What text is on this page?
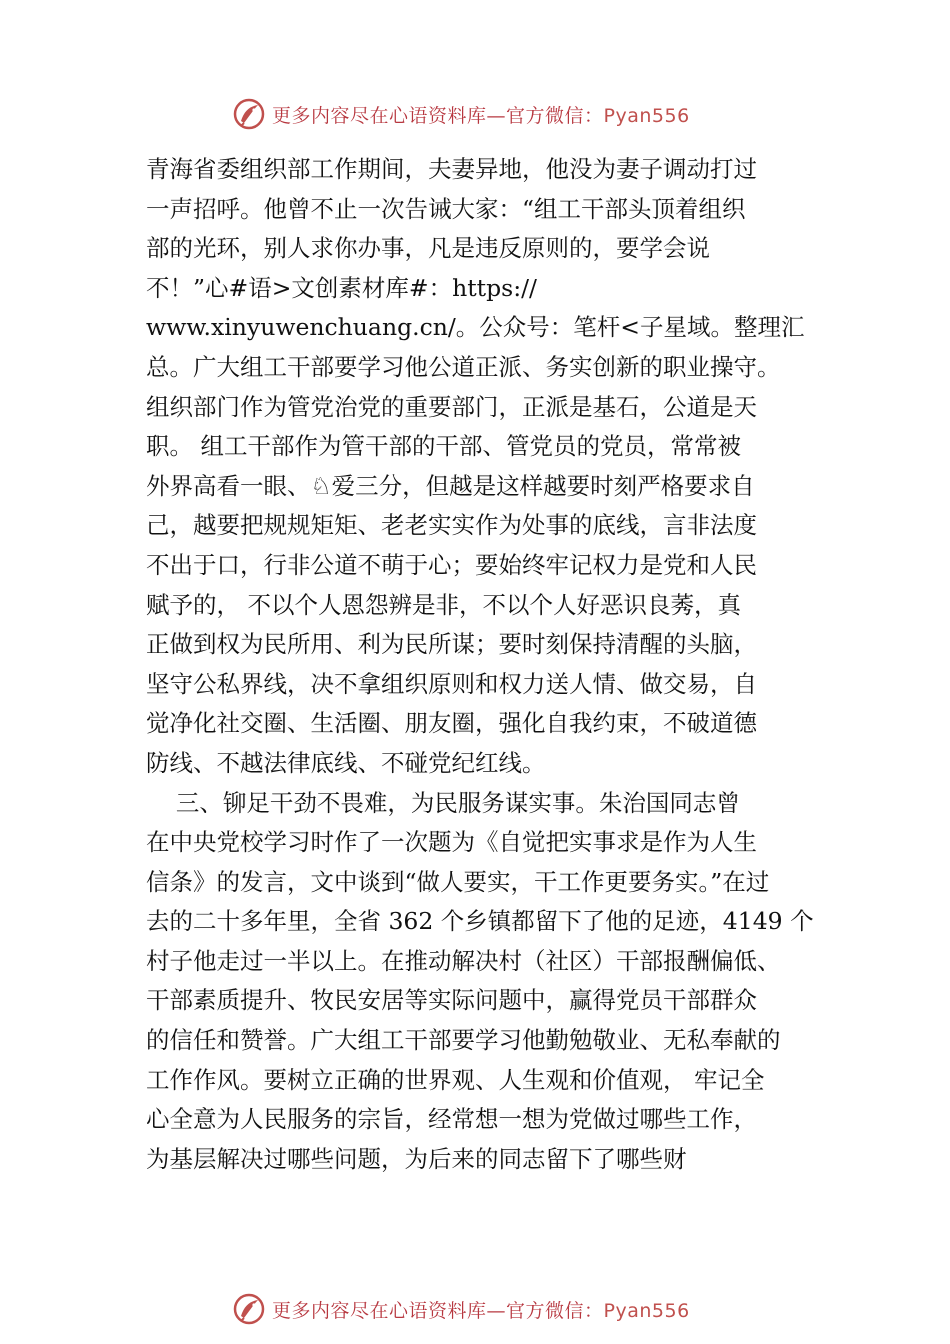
更多内容尽在心语资料库—官方微信：Pyan556
青海省委组织部工作期间，夫妻异地，他没为妻子调动打过
一声招呼。他曾不止一次告诫大家：“组工干部头顶着组织
部的光环，别人求你办事，凡是违反原则的，要学会说
不！”心#语>文创素材库#：https://
www.xinyuwenchuang.cn/。公众号：笔杆<子星域。整理汇
总。广大组工干部要学习他公道正派、务实创新的职业操守。
组织部门作为管党治党的重要部门，正派是基石，公道是天
职。 组工干部作为管干部的干部、管党员的党员，常常被
外界高看一眼、♘爱三分，但越是这样越要时刻严格要求自
己，越要把规规矩矩、老老实实作为处事的底线，言非法度
不出于口，行非公道不萌于心；要始终牢记权力是党和人民
赋予的， 不以个人恩怨辨是非，不以个人好恶识良莠，真
正做到权为民所用、利为民所谋；要时刻保持清醒的头脑，
坚守公私界线，决不拿组织原则和权力送人情、做交易，自
觉净化社交圈、生活圈、朋友圈，强化自我约束，不破道德
防线、不越法律底线、不碰党纪红线。
三、铆足干劲不畏难，为民服务谋实事。朱治国同志曾
在中央党校学习时作了一次题为《自觉把实事求是作为人生
信条》的发言，文中谈到“做人要实，干工作更要务实。”在过
去的二十多年里，全省 362 个乡镇都留下了他的足迹，4149 个
村子他走过一半以上。在推动解决村（社区）干部报酬偏低、
干部素质提升、牧民安居等实际问题中，赢得党员干部群众
的信任和赞誉。广大组工干部要学习他勤勉敬业、无私奉献的
工作作风。要树立正确的世界观、人生观和价值观， 牢记全
心全意为人民服务的宗旨，经常想一想为党做过哪些工作，
为基层解决过哪些问题，为后来的同志留下了哪些财
更多内容尽在心语资料库—官方微信：Pyan556
